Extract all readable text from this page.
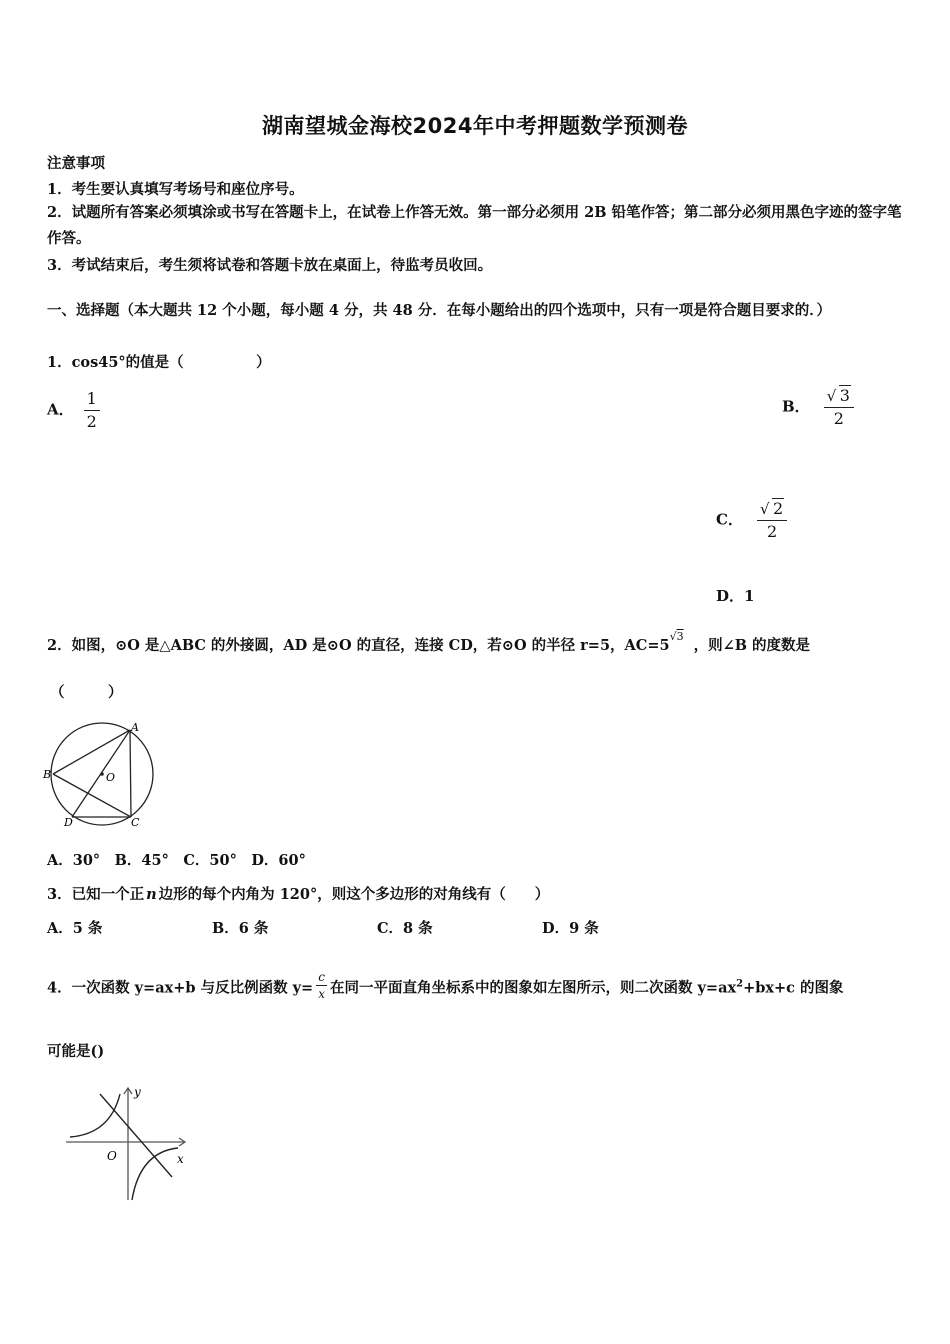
湖南望城金海校2024年中考押题数学预测卷
注意事项
1．考生要认真填写考场号和座位序号。
2．试题所有答案必须填涂或书写在答题卡上，在试卷上作答无效。第一部分必须用 2B 铅笔作答；第二部分必须用黑色字迹的签字笔作答。
3．考试结束后，考生须将试卷和答题卡放在桌面上，待监考员收回。
一、选择题（本大题共 12 个小题，每小题 4 分，共 48 分．在每小题给出的四个选项中，只有一项是符合题目要求的．）
1．cos45°的值是（　　　　　）
A． $\frac{1}{2}$	B． √ $\frac{3}{2}$
C． √ $\frac{2}{2}$
D．1
2．如图，⊙O 是△ABC 的外接圆，AD 是⊙O 的直径，连接 CD，若⊙O 的半径 r=5，$AC=5^{√3}$，则∠B 的度数是
（　　　）
A
B	O
D	C
A．30°　B．45°　C．50°　D．60°
3．已知一个正 n 边形的每个内角为 120°，则这个多边形的对角线有（　　）
A．5 条	B．6 条	C．8 条	D．9 条
4．一次函数 y=ax+b 与反比例函数 $y= \frac{c}{x}$ 在同一平面直角坐标系中的图象如左图所示，则二次函数 $y=ax^2+bx+c$ 的图象
可能是()
y
O	x
